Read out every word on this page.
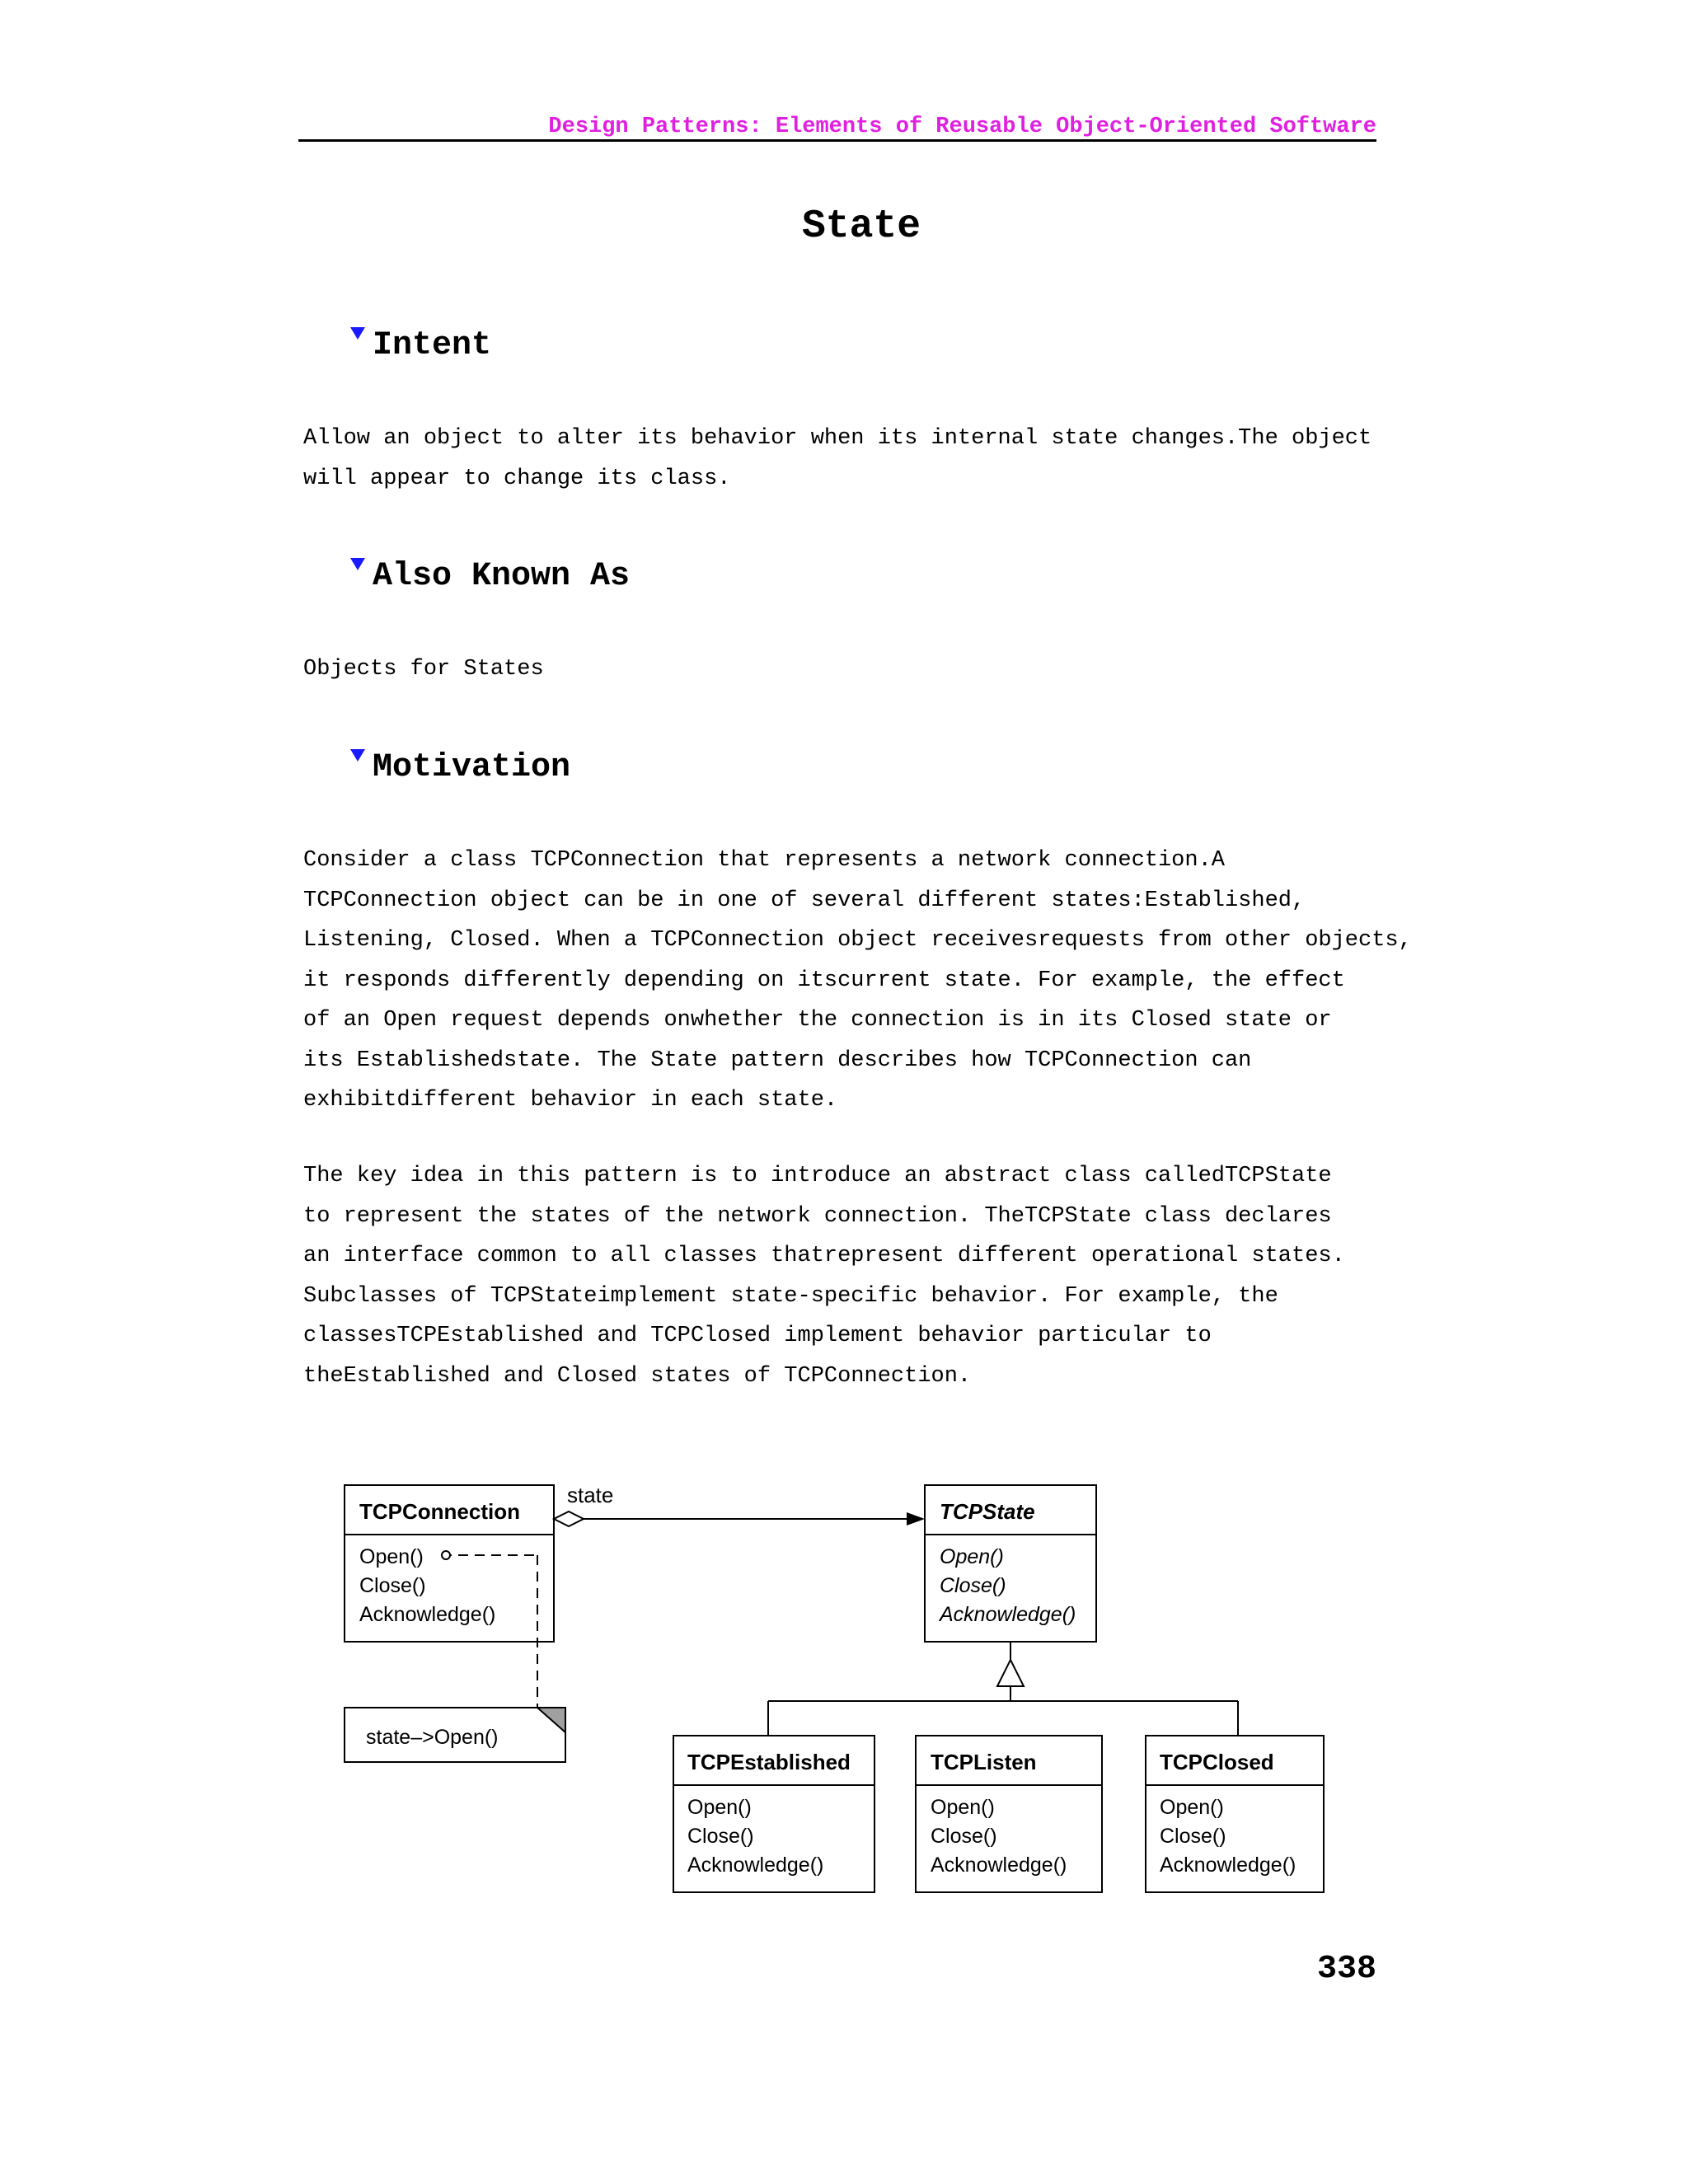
Design Patterns: Elements of Reusable Object-Oriented Software
State
Intent
Allow an object to alter its behavior when its internal state changes.The object
will appear to change its class.
Also Known As
Objects for States
Motivation
Consider a class TCPConnection that represents a network connection.A
TCPConnection object can be in one of several different states:Established,
Listening, Closed. When a TCPConnection object receivesrequests from other objects,
it responds differently depending on itscurrent state. For example, the effect
of an Open request depends onwhether the connection is in its Closed state or
its Establishedstate. The State pattern describes how TCPConnection can
exhibitdifferent behavior in each state.
The key idea in this pattern is to introduce an abstract class calledTCPState
to represent the states of the network connection. TheTCPState class declares
an interface common to all classes thatrepresent different operational states.
Subclasses of TCPStateimplement state-specific behavior. For example, the
classesTCPEstablished and TCPClosed implement behavior particular to
theEstablished and Closed states of TCPConnection.
state
TCPConnection
Open()
Close()
Acknowledge()
TCPState
Open()
Close()
Acknowledge()
state–>Open()
TCPEstablished
Open()
Close()
Acknowledge()
TCPListen
Open()
Close()
Acknowledge()
TCPClosed
Open()
Close()
Acknowledge()
338
